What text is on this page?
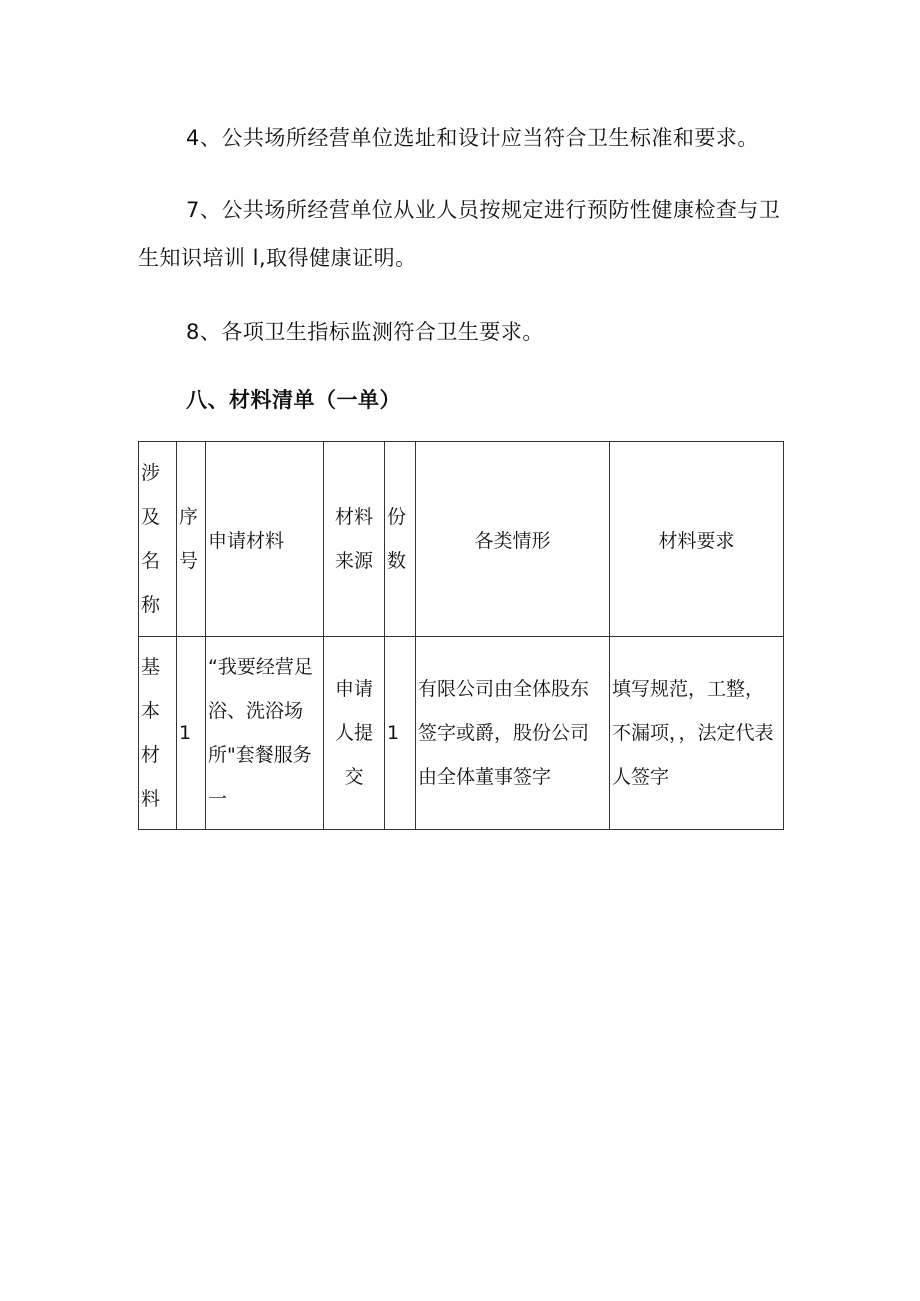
4、公共场所经营单位选址和设计应当符合卫生标准和要求。

7、公共场所经营单位从业人员按规定进行预防性健康检查与卫生知识培训 l,取得健康证明。

8、各项卫生指标监测符合卫生要求。

八、材料清单（一单）

涉及名称	序号	申请材料	材料来源	份数	各类情形	材料要求
基本材料	1	“我要经营足浴、洗浴场所"套餐服务一	申请人提交	1	有限公司由全体股东签字或爵，股份公司由全体董事签字	填写规范，工整，不漏项，，法定代表人签字
